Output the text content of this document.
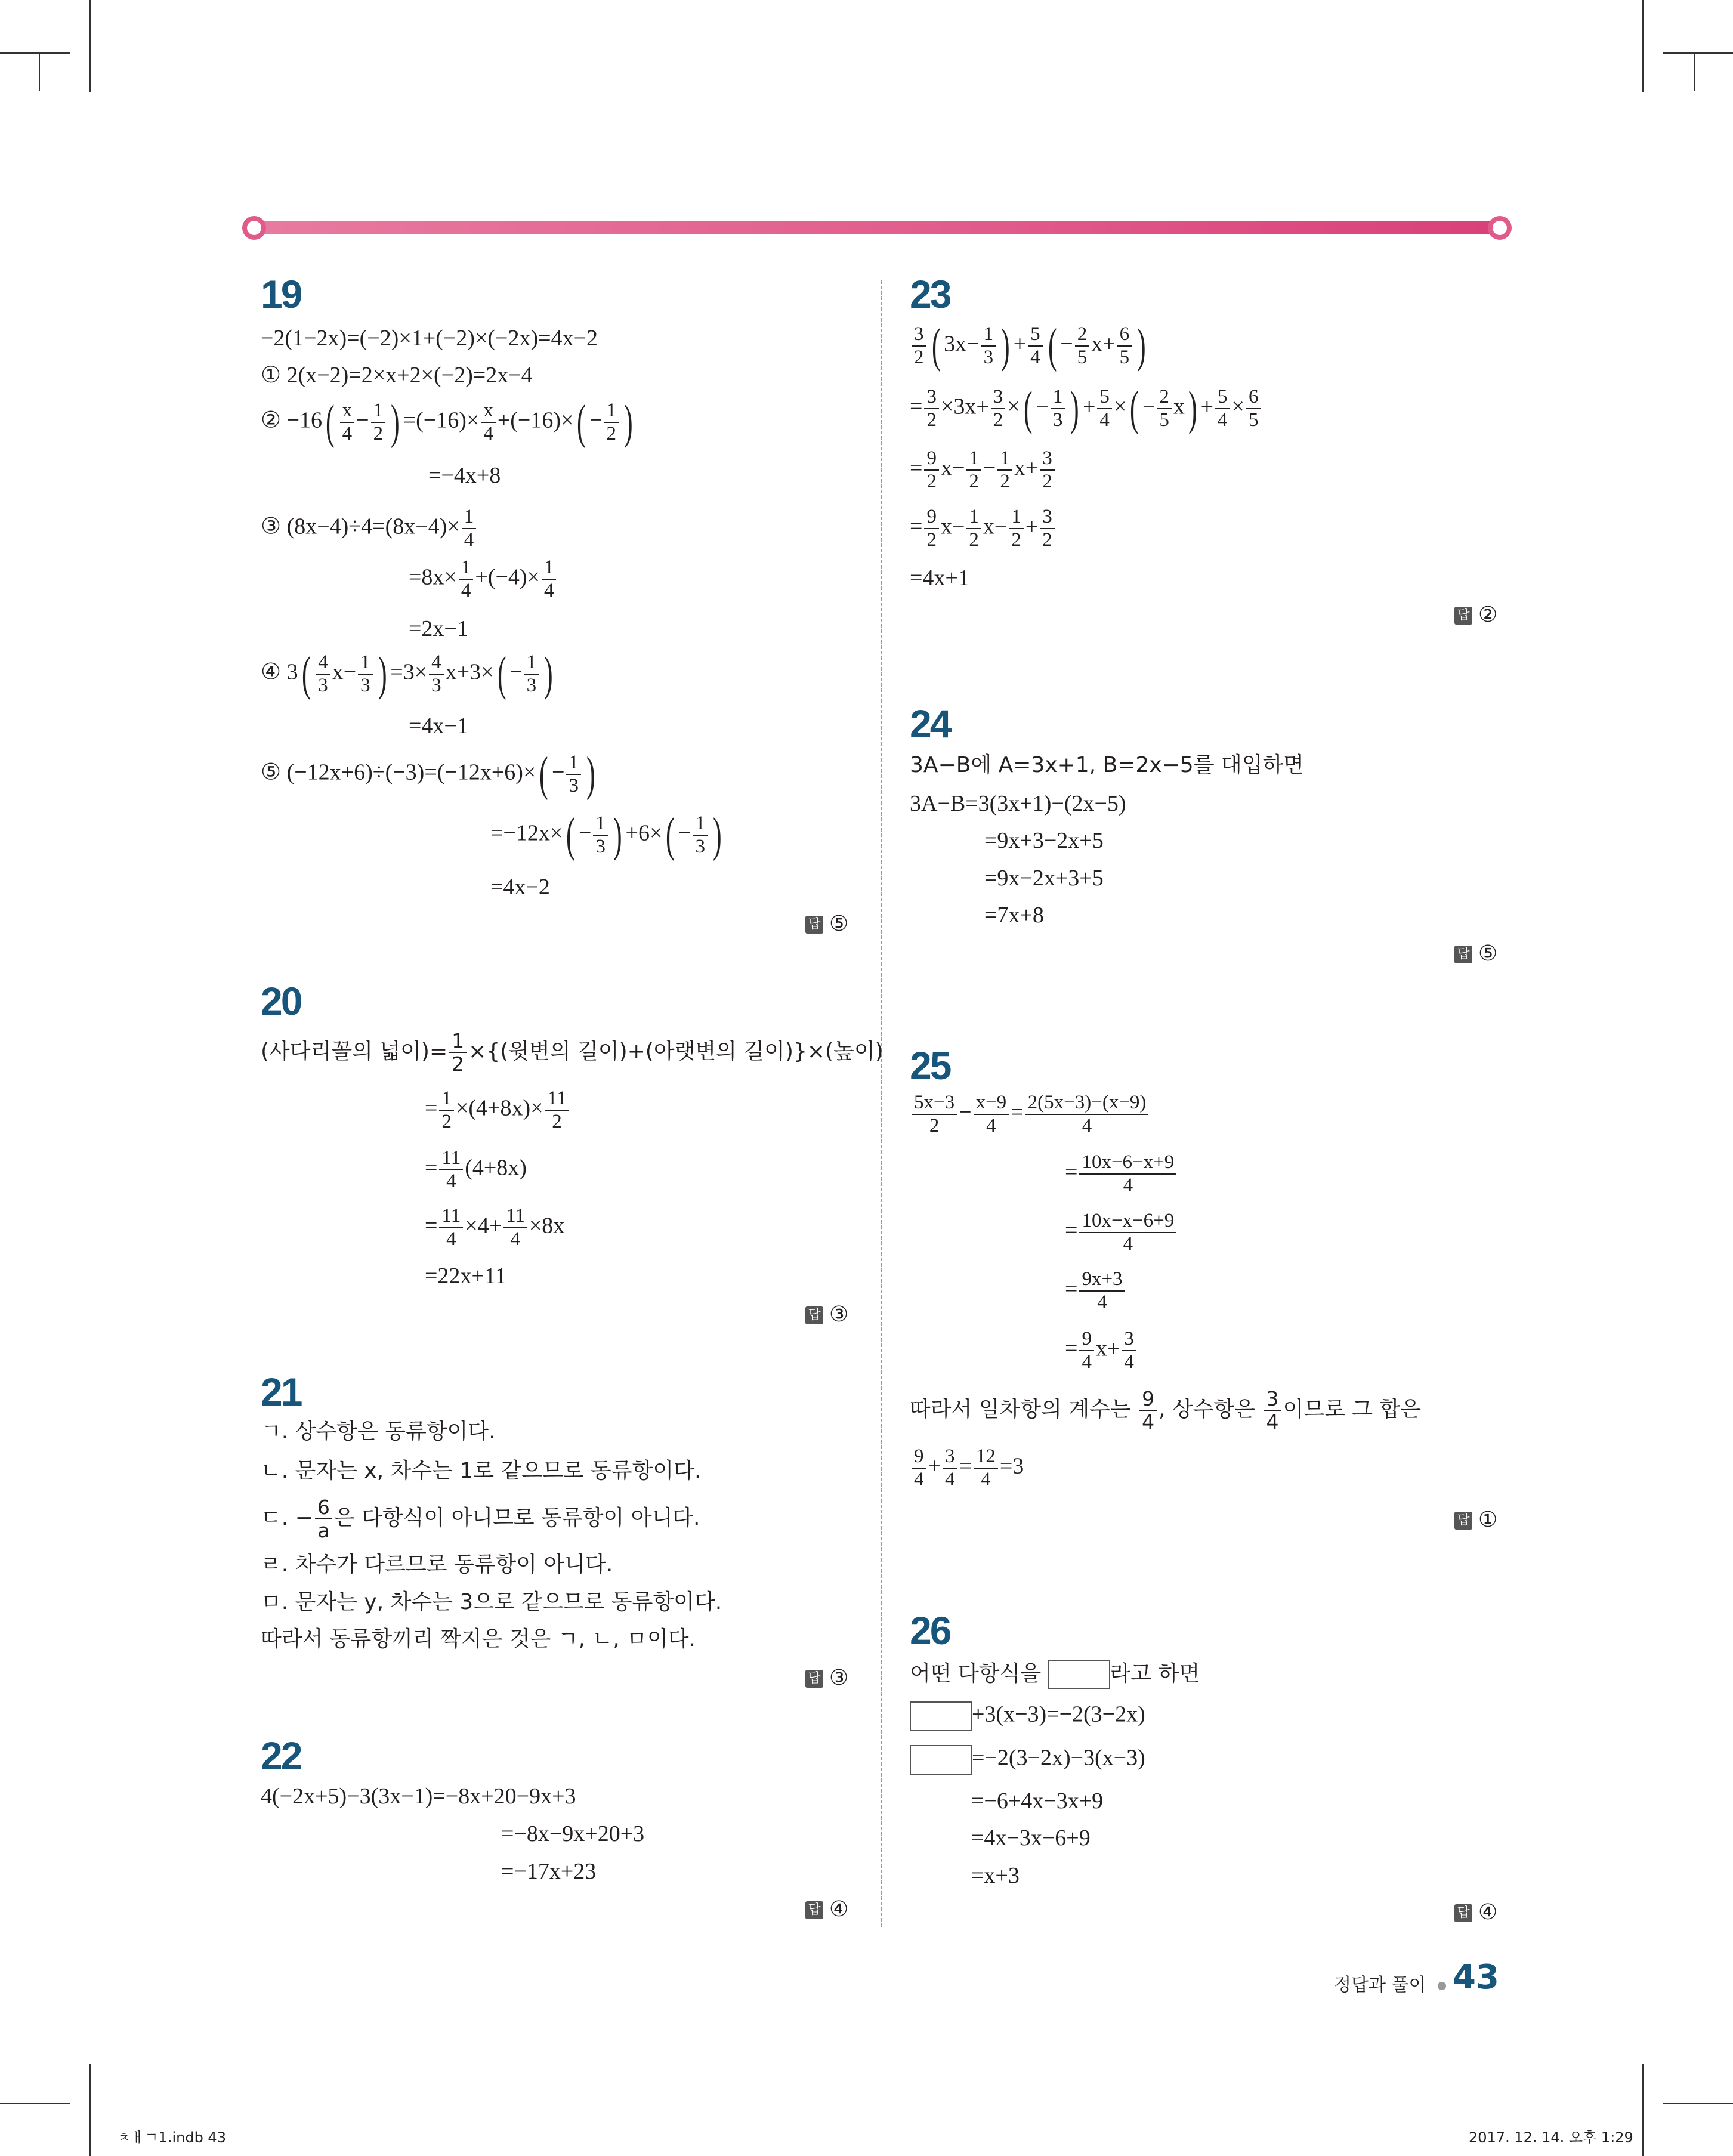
19
−2(1−2x)=(−2)×1+(−2)×(−2x)=4x−2
① 2(x−2)=2×x+2×(−2)=2x−4
② $-16( \frac{x}{4} - \frac{1}{2}$ ) $=(-16)\times \frac{x}{4} +(-16)\times( - \frac{1}{2}$ )
=−4x+8
③ $(8x-4)\div 4=(8x-4)\times \frac{1}{4}$
$=8x\times \frac{1}{4} +(-4)\times \frac{1}{4}$
=2x−1
④ $3( \frac{4}{3} x- \frac{1}{3}$ ) $=3\times \frac{4}{3} x+3\times( - \frac{1}{3}$ )
=4x−1
⑤ $(-12x+6)\div(-3)=(-12x+6)\times( - \frac{1}{3}$ )
$=-12x\times( - \frac{1}{3}$ ) $+6\times( - \frac{1}{3}$ )
=4x−2
답 ⑤
20
(사다리꼴의 넓이)= $\frac{1}{2}$ ×{(윗변의 길이)+(아랫변의 길이)}×(높이)
= $\frac{1}{2} \times(4+8x)\times \frac{11}{2}$
= $\frac{11}{4} (4+8x)$
= $\frac{11}{4} \times 4+ \frac{11}{4} \times 8x$
=22x+11
답 ③
21
ㄱ. 상수항은 동류항이다.
ㄴ. 문자는 x, 차수는 1로 같으므로 동류항이다.
ㄷ. − $\frac{6}{a}$ 은 다항식이 아니므로 동류항이 아니다.
ㄹ. 차수가 다르므로 동류항이 아니다.
ㅁ. 문자는 y, 차수는 3으로 같으므로 동류항이다.
따라서 동류항끼리 짝지은 것은 ㄱ, ㄴ, ㅁ이다.
답 ③
22
4(−2x+5)−3(3x−1)=−8x+20−9x+3
=−8x−9x+20+3
=−17x+23
답 ④
23
$\frac{3}{2}$ ( $3x- \frac{1}{3}$ ) + $\frac{5}{4}$ ( − $\frac{2}{5} x+ \frac{6}{5}$ )
= $\frac{3}{2} \times 3x+ \frac{3}{2}$ ×( − $\frac{1}{3}$ ) + $\frac{5}{4}$ ×( − $\frac{2}{5} x) + \frac{5}{4} \times \frac{6}{5}$
= $\frac{9}{2} x- \frac{1}{2} - \frac{1}{2} x+ \frac{3}{2}$
= $\frac{9}{2} x- \frac{1}{2} x- \frac{1}{2} + \frac{3}{2}$
=4x+1
답 ②
24
3A−B에 A=3x+1, B=2x−5를 대입하면
3A−B=3(3x+1)−(2x−5)
=9x+3−2x+5
=9x−2x+3+5
=7x+8
답 ⑤
25
$\frac{5x-3}{2} - \frac{x-9}{4} = \frac{2(5x-3)-(x-9)}{4}$
= $\frac{10x-6-x+9}{4}$
= $\frac{10x-x-6+9}{4}$
= $\frac{9x+3}{4}$
= $\frac{9}{4} x+ \frac{3}{4}$
따라서 일차항의 계수는 $\frac{9}{4}$ , 상수항은 $\frac{3}{4}$ 이므로 그 합은
$\frac{9}{4} + \frac{3}{4} = \frac{12}{4} =3$
답 ①
26
어떤 다항식을	라고 하면
+3(x−3)=−2(3−2x)
=−2(3−2x)−3(x−3)
=−6+4x−3x+9
=4x−3x−6+9
=x+3
답 ④
정답과 풀이 43
ㅊㅐㄱ1.indb 43	2017. 12. 14. 오후 1:29
